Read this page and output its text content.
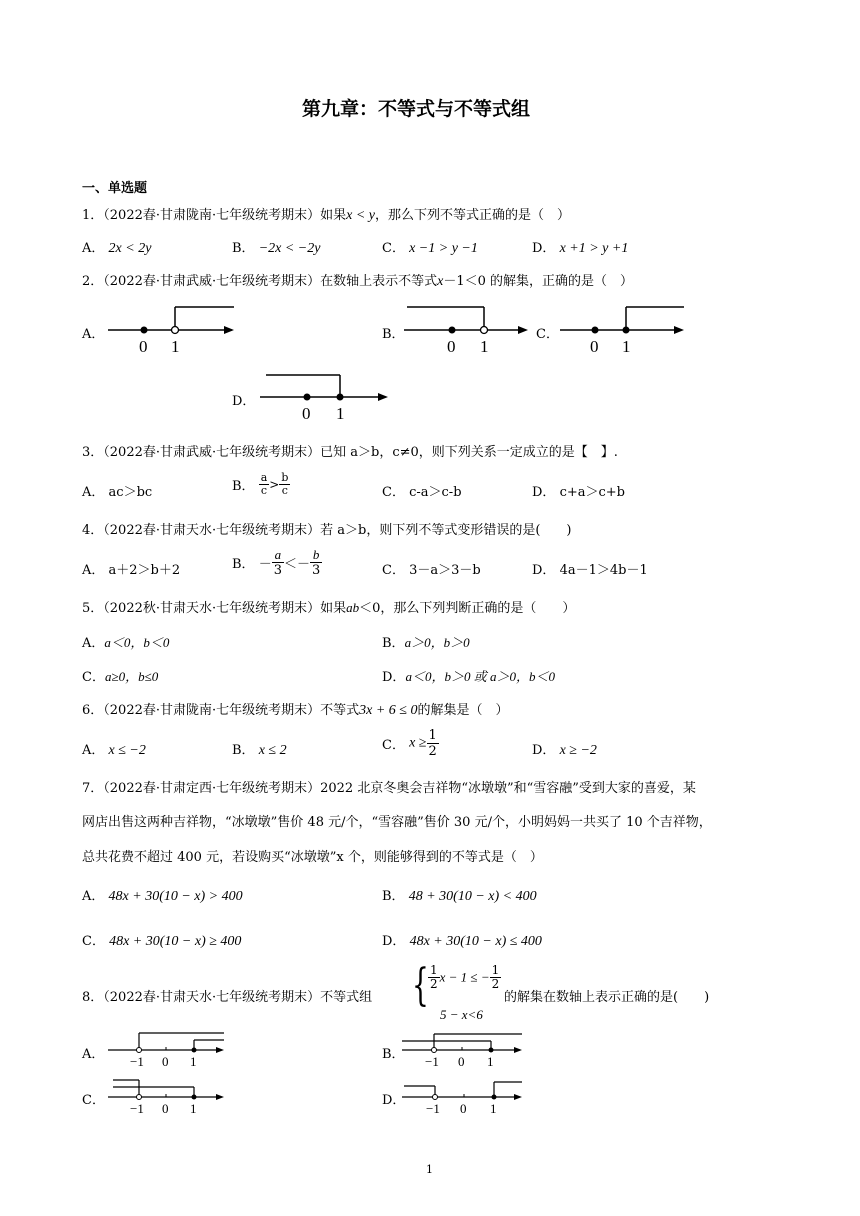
第九章：不等式与不等式组
一、单选题
1．（2022春·甘肃陇南·七年级统考期末）如果x < y，那么下列不等式正确的是（　）
A． 2x < 2y	B． −2x < −2y	C． x −1 > y −1	D． x +1 > y +1
2．（2022春·甘肃武威·七年级统考期末）在数轴上表示不等式x－1＜0 的解集，正确的是（　）
A．
0 1
B．
0 1
C．
0 1
D．
0 1
3．（2022春·甘肃武威·七年级统考期末）已知 a＞b，c≠0，则下列关系一定成立的是【　】.
A． ac＞bc	B． $\frac{a}{c} > \frac{b}{c}$	C． c-a＞c-b	D． c+a＞c+b
4．（2022春·甘肃天水·七年级统考期末）若 a＞b，则下列不等式变形错误的是(　　)
A． a＋2＞b＋2	B． － $\frac{a}{3} <- \frac{b}{3}$	C． 3－a＞3－b	D． 4a－1＞4b－1
5．（2022秋·甘肃天水·七年级统考期末）如果ab＜0，那么下列判断正确的是（　　）
A．a＜0，b＜0	B．a＞0，b＞0
C．a≥0，b≤0	D．a＜0，b＞0 或 a＞0，b＜0
6．（2022春·甘肃陇南·七年级统考期末）不等式3x + 6 ≤ 0的解集是（　）
A． x ≤ −2	B． x ≤ 2	C． $x \ge \frac{1}{2}$	D． x ≥ −2
7．（2022春·甘肃定西·七年级统考期末）2022 北京冬奥会吉祥物“冰墩墩”和“雪容融”受到大家的喜爱，某
网店出售这两种吉祥物，“冰墩墩”售价 48 元/个，“雪容融”售价 30 元/个，小明妈妈一共买了 10 个吉祥物，
总共花费不超过 400 元，若设购买“冰墩墩”x 个，则能够得到的不等式是（　）
A． 48x + 30(10 − x) > 400	B． 48 + 30(10 − x) < 400
C． 48x + 30(10 − x) ≥ 400	D． 48x + 30(10 − x) ≤ 400
8．（2022春·甘肃天水·七年级统考期末）不等式组 { $\frac{1}{2}$ x − 1 ≤ − $\frac{1}{2}$
5 − x<6
的解集在数轴上表示正确的是(　　)
A． −1 0 1	B． −1 0 1
C．
−1 0 1
D．
−1 0 1
1
